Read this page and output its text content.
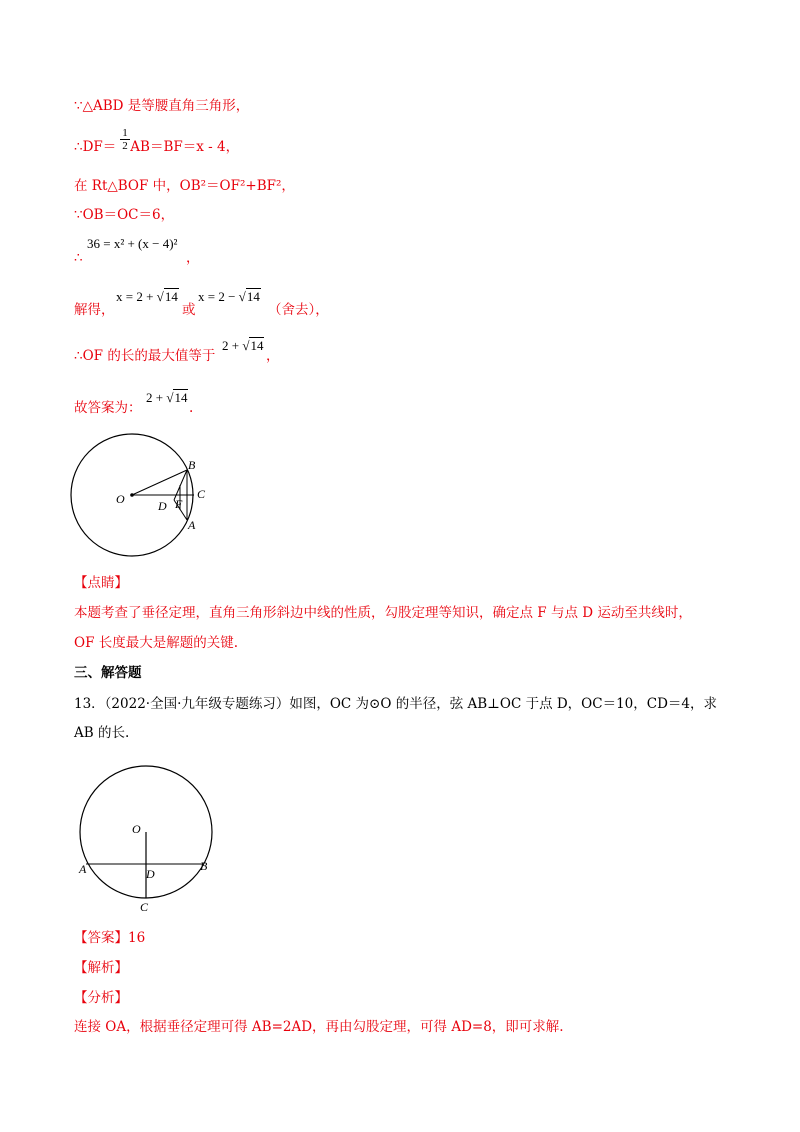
∵△ABD 是等腰直角三角形，
∴DF＝ AB＝BF＝x - 4，
1
2
在 Rt△BOF 中，OB²＝OF²+BF²，
∵OB＝OC＝6，
∴
36 = x² + (x − 4)²
，
解得，
x = 2 + √14
或
x = 2 − √14
（舍去），
∴OF 的长的最大值等于
2 + √14
，
故答案为：
2 + √14
.
O
B
C
D F
A
【点睛】
本题考查了垂径定理，直角三角形斜边中线的性质，勾股定理等知识，确定点 F 与点 D 运动至共线时，
OF 长度最大是解题的关键.
三、解答题
13．（2022·全国·九年级专题练习）如图，OC 为⊙O 的半径，弦 AB⊥OC 于点 D，OC＝10，CD＝4，求
AB 的长.
O
A	B
D
C
【答案】16
【解析】
【分析】
连接 OA，根据垂径定理可得 AB=2AD，再由勾股定理，可得 AD=8，即可求解.
